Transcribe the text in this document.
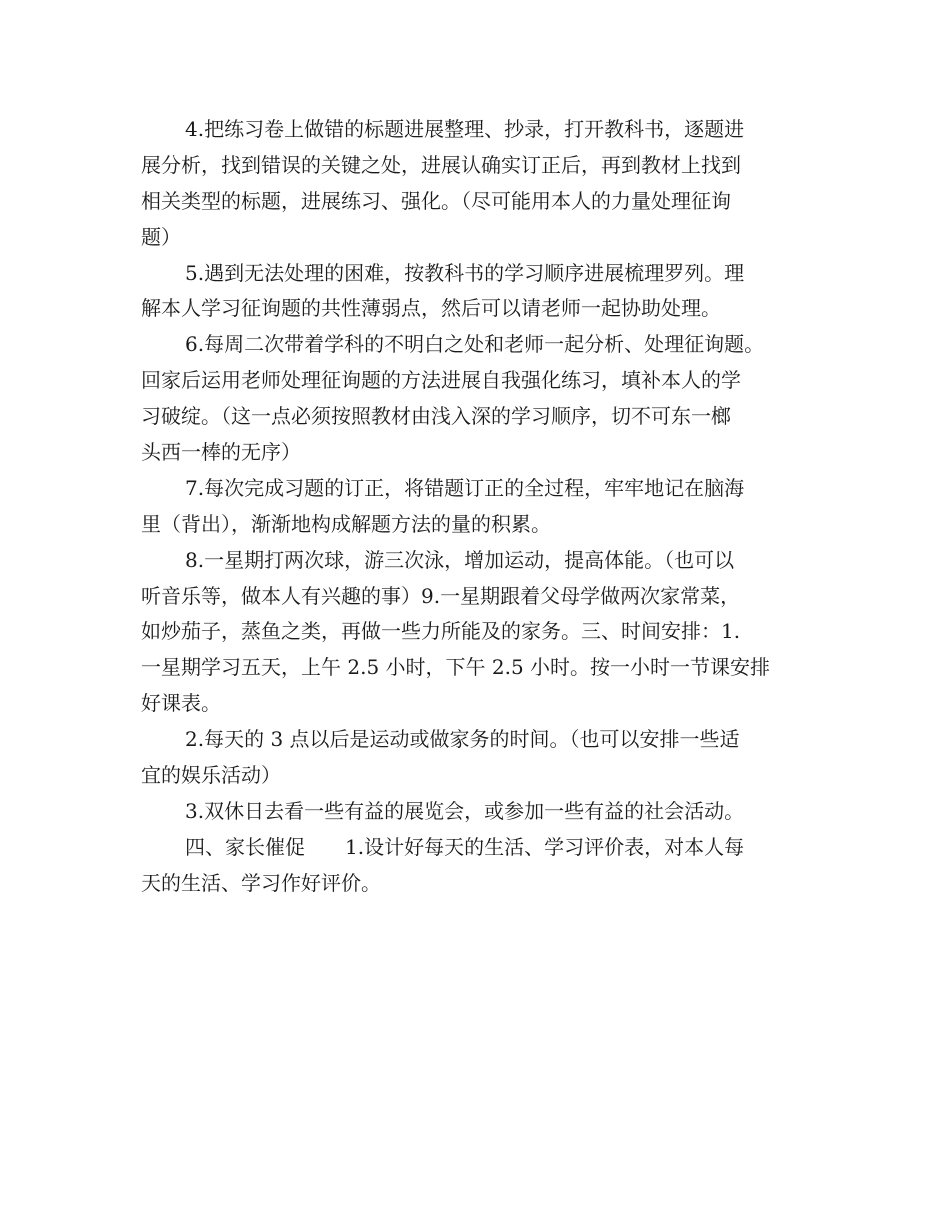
4.把练习卷上做错的标题进展整理、抄录，打开教科书，逐题进
展分析，找到错误的关键之处，进展认确实订正后，再到教材上找到
相关类型的标题，进展练习、强化。（尽可能用本人的力量处理征询
题）
5.遇到无法处理的困难，按教科书的学习顺序进展梳理罗列。理
解本人学习征询题的共性薄弱点，然后可以请老师一起协助处理。
6.每周二次带着学科的不明白之处和老师一起分析、处理征询题。
回家后运用老师处理征询题的方法进展自我强化练习，填补本人的学
习破绽。（这一点必须按照教材由浅入深的学习顺序，切不可东一榔
头西一棒的无序）
7.每次完成习题的订正，将错题订正的全过程，牢牢地记在脑海
里（背出），渐渐地构成解题方法的量的积累。
8.一星期打两次球，游三次泳，增加运动，提高体能。（也可以
听音乐等，做本人有兴趣的事）9.一星期跟着父母学做两次家常菜，
如炒茄子，蒸鱼之类，再做一些力所能及的家务。三、时间安排：1.
一星期学习五天，上午 2.5 小时，下午 2.5 小时。按一小时一节课安排
好课表。
2.每天的 3 点以后是运动或做家务的时间。（也可以安排一些适
宜的娱乐活动）
3.双休日去看一些有益的展览会，或参加一些有益的社会活动。
四、家长催促　　1.设计好每天的生活、学习评价表，对本人每
天的生活、学习作好评价。
